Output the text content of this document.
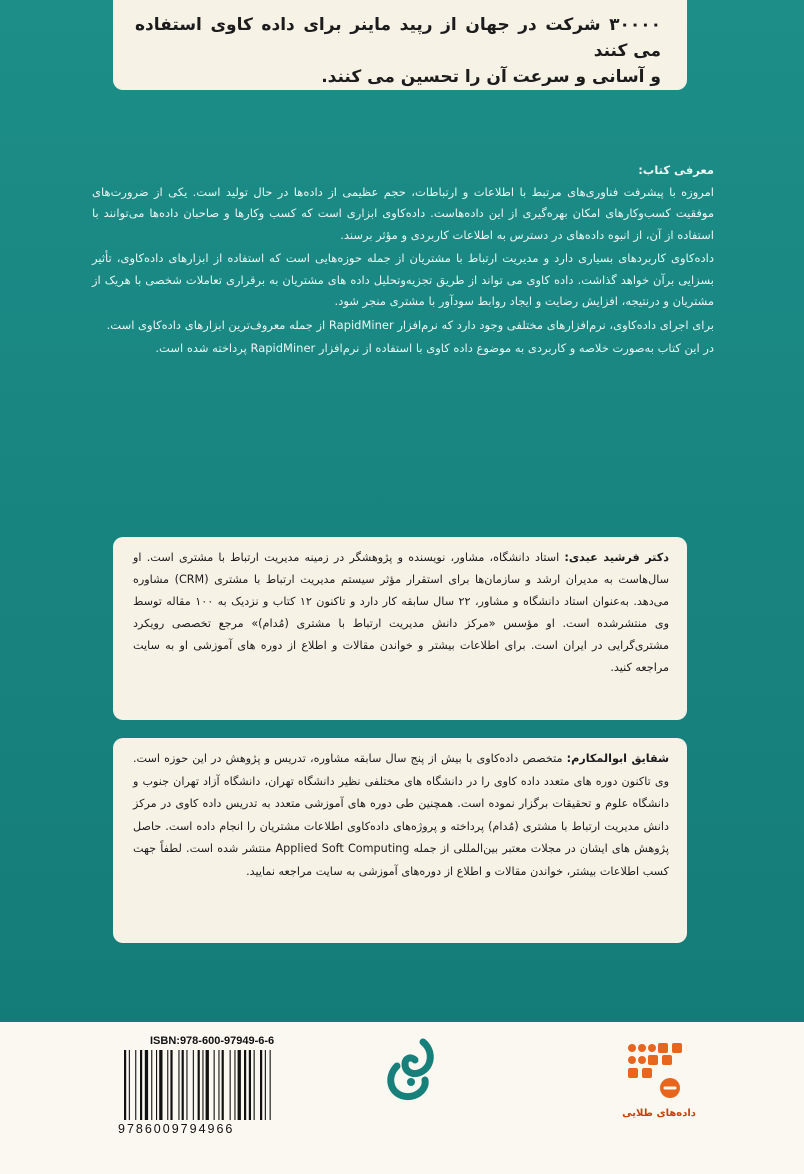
۳۰۰۰۰ شرکت در جهان از رپید ماینر برای داده کاوی استفاده می کنند
و آسانی و سرعت آن را تحسین می کنند.
معرفی کتاب:

امروزه با پیشرفت فناوری‌های مرتبط با اطلاعات و ارتباطات، حجم عظیمی از داده‌ها در حال تولید است. یکی از ضرورت‌های موفقیت کسب‌وکارهای امکان بهره‌گیری از این داده‌هاست. داده‌کاوی ابزاری است که کسب وکارها و صاحبان داده‌ها می‌توانند با استفاده از آن، از انبوه داده‌های در دسترس به اطلاعات کاربردی و مؤثر برسند.

داده‌کاوی کاربردهای بسیاری دارد و مدیریت ارتباط با مشتریان از جمله حوزه‌هایی است که استفاده از ابزارهای داده‌کاوی، تأثیر بسزایی برآن خواهد گذاشت. داده کاوی می تواند از طریق تجزیه‌وتحلیل داده های مشتریان به برقراری تعاملات شخصی با هریک از مشتریان و درنتیجه، افزایش رضایت و ایجاد روابط سودآور با مشتری منجر شود.

برای اجرای داده‌کاوی، نرم‌افزارهای مختلفی وجود دارد که نرم‌افزار RapidMiner از جمله معروف‌ترین ابزارهای داده‌کاوی است.

در این کتاب به‌صورت خلاصه و کاربردی به موضوع داده کاوی با استفاده از نرم‌افزار RapidMiner پرداخته شده است.

دکتر فرشید عبدی: استاد دانشگاه، مشاور، نویسنده و پژوهشگر در زمینه مدیریت ارتباط با مشتری است. او سال‌هاست به مدیران ارشد و سازمان‌ها برای استقرار مؤثر سیستم مدیریت ارتباط با مشتری (CRM) مشاوره می‌دهد. به‌عنوان استاد دانشگاه و مشاور، ۲۲ سال سابقه کار دارد و تاکنون ۱۲ کتاب و نزدیک به ۱۰۰ مقاله توسط وی منتشرشده است. او مؤسس «مرکز دانش مدیریت ارتباط با مشتری (مُدام)» مرجع تخصصی رویکرد مشتری‌گرایی در ایران است. برای اطلاعات بیشتر و خواندن مقالات و اطلاع از دوره های آموزشی او به سایت مراجعه کنید.
شقایق ابوالمکارم: متخصص داده‌کاوی با بیش از پنج سال سابقه مشاوره، تدریس و پژوهش در این حوزه است. وی تاکنون دوره های متعدد داده کاوی را در دانشگاه های مختلفی نظیر دانشگاه تهران، دانشگاه آزاد تهران جنوب و دانشگاه علوم و تحقیقات برگزار نموده است. همچنین طی دوره های آموزشی متعدد به تدریس داده کاوی در مرکز دانش مدیریت ارتباط با مشتری (مُدام) پرداخته و پروژه‌های داده‌کاوی اطلاعات مشتریان را انجام داده است. حاصل پژوهش های ایشان در مجلات معتبر بین‌المللی از جمله Applied Soft Computing منتشر شده است. لطفاً جهت کسب اطلاعات بیشتر، خواندن مقالات و اطلاع از دوره‌های آموزشی به سایت مراجعه نمایید.
ISBN:978-600-97949-6-6
9786009794966
داده‌های طلایی
